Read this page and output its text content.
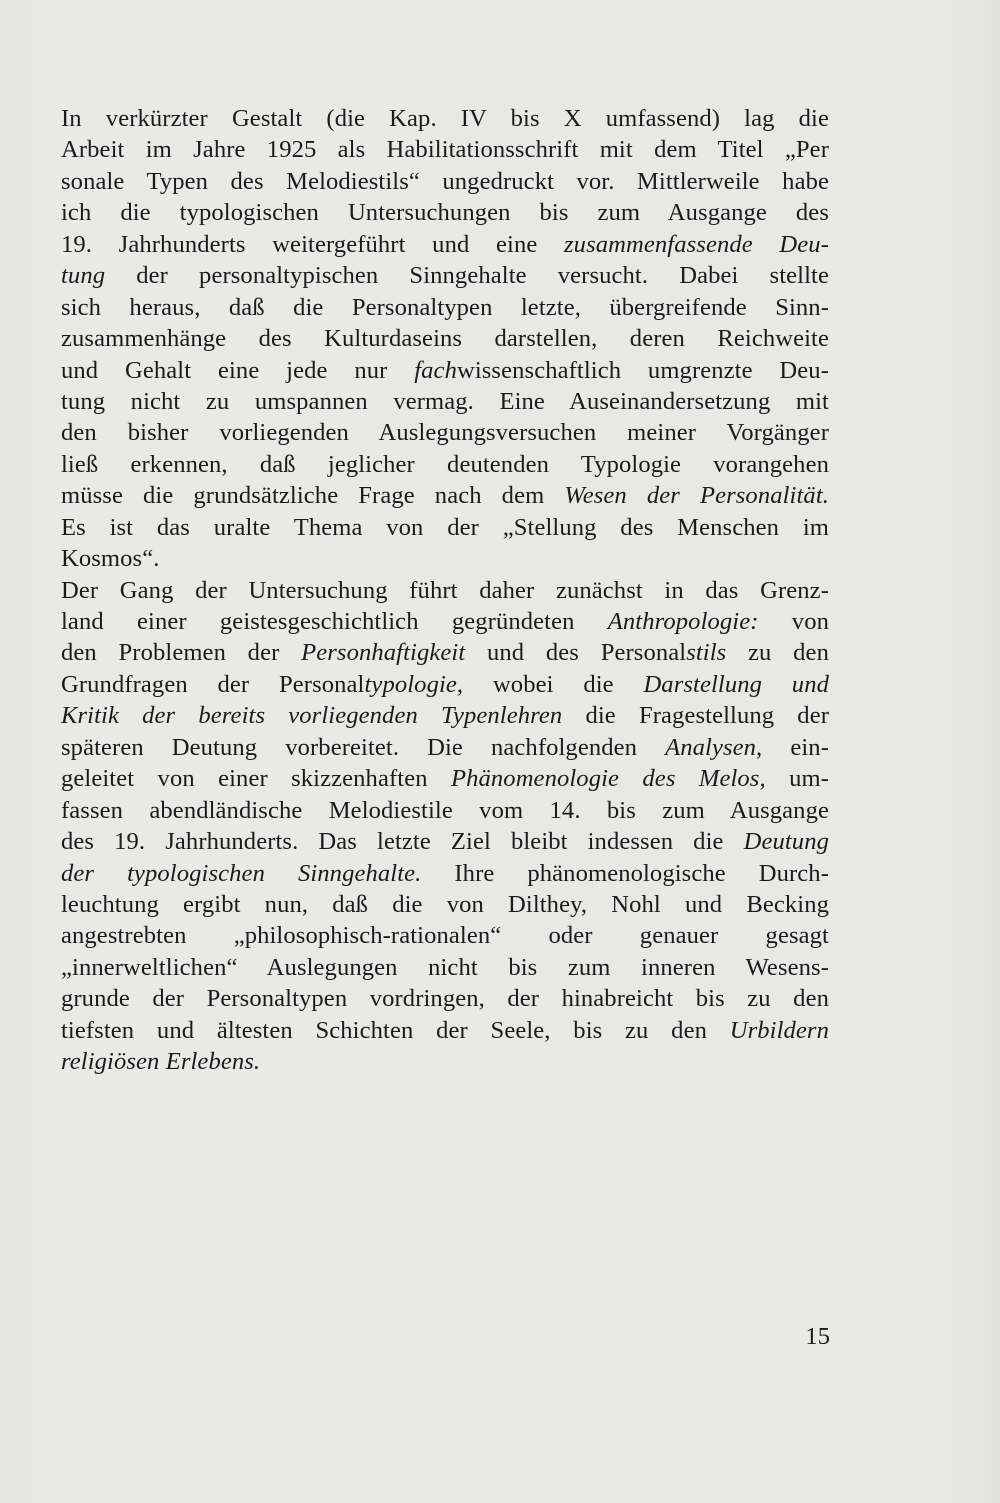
In verkürzter Gestalt (die Kap. IV bis X umfassend) lag die
Arbeit im Jahre 1925 als Habilitationsschrift mit dem Titel „Per
sonale Typen des Melodiestils“ ungedruckt vor. Mittlerweile habe
ich die typologischen Untersuchungen bis zum Ausgange des
19. Jahrhunderts weitergeführt und eine zusammenfassende Deu-
tung der personaltypischen Sinngehalte versucht. Dabei stellte
sich heraus, daß die Personaltypen letzte, übergreifende Sinn-
zusammenhänge des Kulturdaseins darstellen, deren Reichweite
und Gehalt eine jede nur fachwissenschaftlich umgrenzte Deu-
tung nicht zu umspannen vermag. Eine Auseinandersetzung mit
den bisher vorliegenden Auslegungsversuchen meiner Vorgänger
ließ erkennen, daß jeglicher deutenden Typologie vorangehen
müsse die grundsätzliche Frage nach dem Wesen der Personalität.
Es ist das uralte Thema von der „Stellung des Menschen im
Kosmos“.
Der Gang der Untersuchung führt daher zunächst in das Grenz-
land einer geistesgeschichtlich gegründeten Anthropologie: von
den Problemen der Personhaftigkeit und des Personalstils zu den
Grundfragen der Personaltypologie, wobei die Darstellung und
Kritik der bereits vorliegenden Typenlehren die Fragestellung der
späteren Deutung vorbereitet. Die nachfolgenden Analysen, ein-
geleitet von einer skizzenhaften Phänomenologie des Melos, um-
fassen abendländische Melodiestile vom 14. bis zum Ausgange
des 19. Jahrhunderts. Das letzte Ziel bleibt indessen die Deutung
der typologischen Sinngehalte. Ihre phänomenologische Durch-
leuchtung ergibt nun, daß die von Dilthey, Nohl und Becking
angestrebten „philosophisch-rationalen“ oder genauer gesagt
„innerweltlichen“ Auslegungen nicht bis zum inneren Wesens-
grunde der Personaltypen vordringen, der hinabreicht bis zu den
tiefsten und ältesten Schichten der Seele, bis zu den Urbildern
religiösen Erlebens.
15
